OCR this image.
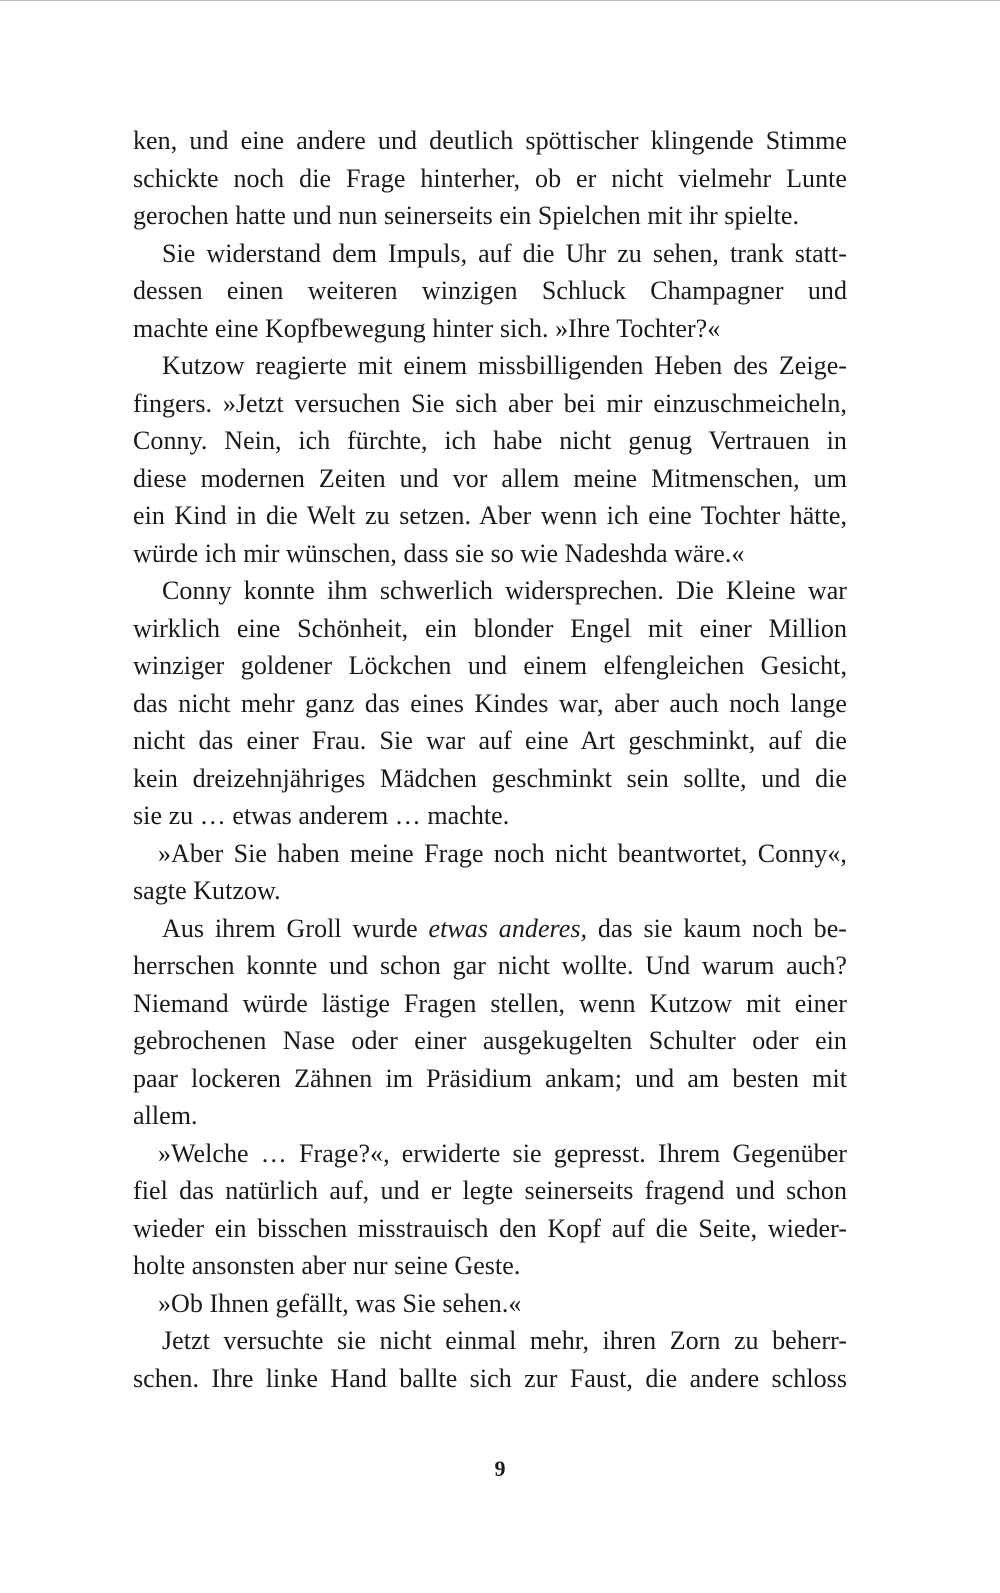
ken, und eine andere und deutlich spöttischer klingende Stimme
schickte noch die Frage hinterher, ob er nicht vielmehr Lunte
gerochen hatte und nun seinerseits ein Spielchen mit ihr spielte.
Sie widerstand dem Impuls, auf die Uhr zu sehen, trank statt-
dessen einen weiteren winzigen Schluck Champagner und
machte eine Kopfbewegung hinter sich. »Ihre Tochter?«
Kutzow reagierte mit einem missbilligenden Heben des Zeige-
fingers. »Jetzt versuchen Sie sich aber bei mir einzuschmeicheln,
Conny. Nein, ich fürchte, ich habe nicht genug Vertrauen in
diese modernen Zeiten und vor allem meine Mitmenschen, um
ein Kind in die Welt zu setzen. Aber wenn ich eine Tochter hätte,
würde ich mir wünschen, dass sie so wie Nadeshda wäre.«
Conny konnte ihm schwerlich widersprechen. Die Kleine war
wirklich eine Schönheit, ein blonder Engel mit einer Million
winziger goldener Löckchen und einem elfengleichen Gesicht,
das nicht mehr ganz das eines Kindes war, aber auch noch lange
nicht das einer Frau. Sie war auf eine Art geschminkt, auf die
kein dreizehnjähriges Mädchen geschminkt sein sollte, und die
sie zu … etwas anderem … machte.
»Aber Sie haben meine Frage noch nicht beantwortet, Conny«,
sagte Kutzow.
Aus ihrem Groll wurde etwas anderes, das sie kaum noch be-
herrschen konnte und schon gar nicht wollte. Und warum auch?
Niemand würde lästige Fragen stellen, wenn Kutzow mit einer
gebrochenen Nase oder einer ausgekugelten Schulter oder ein
paar lockeren Zähnen im Präsidium ankam; und am besten mit
allem.
»Welche … Frage?«, erwiderte sie gepresst. Ihrem Gegenüber
fiel das natürlich auf, und er legte seinerseits fragend und schon
wieder ein bisschen misstrauisch den Kopf auf die Seite, wieder-
holte ansonsten aber nur seine Geste.
»Ob Ihnen gefällt, was Sie sehen.«
Jetzt versuchte sie nicht einmal mehr, ihren Zorn zu beherr-
schen. Ihre linke Hand ballte sich zur Faust, die andere schloss
9
